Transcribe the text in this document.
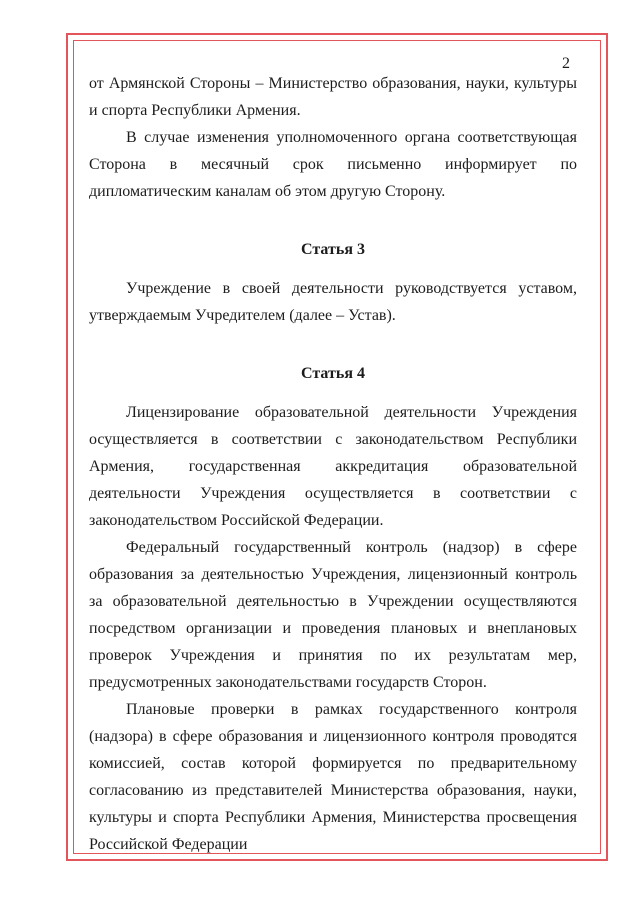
2

от Армянской Стороны – Министерство образования, науки, культуры и спорта Республики Армения.

В случае изменения уполномоченного органа соответствующая Сторона в месячный срок письменно информирует по дипломатическим каналам об этом другую Сторону.

Статья 3

Учреждение в своей деятельности руководствуется уставом, утверждаемым Учредителем (далее – Устав).

Статья 4

Лицензирование образовательной деятельности Учреждения осуществляется в соответствии с законодательством Республики Армения, государственная аккредитация образовательной деятельности Учреждения осуществляется в соответствии с законодательством Российской Федерации.

Федеральный государственный контроль (надзор) в сфере образования за деятельностью Учреждения, лицензионный контроль за образовательной деятельностью в Учреждении осуществляются посредством организации и проведения плановых и внеплановых проверок Учреждения и принятия по их результатам мер, предусмотренных законодательствами государств Сторон.

Плановые проверки в рамках государственного контроля (надзора) в сфере образования и лицензионного контроля проводятся комиссией, состав которой формируется по предварительному согласованию из представителей Министерства образования, науки, культуры и спорта Республики Армения, Министерства просвещения Российской Федерации
